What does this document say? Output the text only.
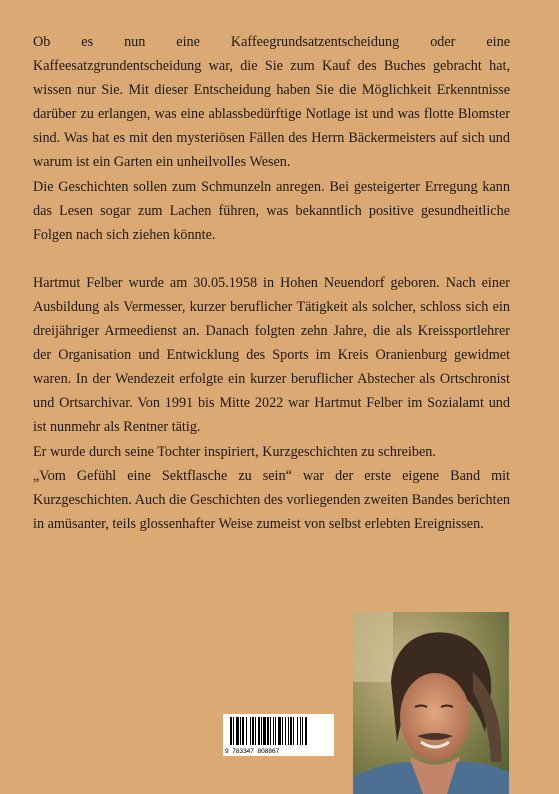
Ob es nun eine Kaffeegrundsatzentscheidung oder eine Kaffeesatzgrundentscheidung war, die Sie zum Kauf des Buches gebracht hat, wissen nur Sie. Mit dieser Entscheidung haben Sie die Möglichkeit Erkenntnisse darüber zu erlangen, was eine ablassbedürftige Notlage ist und was flotte Blomster sind. Was hat es mit den mysteriösen Fällen des Herrn Bäckermeisters auf sich und warum ist ein Garten ein unheilvolles Wesen.

Die Geschichten sollen zum Schmunzeln anregen. Bei gesteigerter Erregung kann das Lesen sogar zum Lachen führen, was bekanntlich positive gesundheitliche Folgen nach sich ziehen könnte.

Hartmut Felber wurde am 30.05.1958 in Hohen Neuendorf geboren. Nach einer Ausbildung als Vermesser, kurzer beruflicher Tätigkeit als solcher, schloss sich ein dreijähriger Armeedienst an. Danach folgten zehn Jahre, die als Kreissportlehrer der Organisation und Entwicklung des Sports im Kreis Oranienburg gewidmet waren. In der Wendezeit erfolgte ein kurzer beruflicher Abstecher als Ortschronist und Ortsarchivar. Von 1991 bis Mitte 2022 war Hartmut Felber im Sozialamt und ist nunmehr als Rentner tätig.

Er wurde durch seine Tochter inspiriert, Kurzgeschichten zu schreiben.

„Vom Gefühl eine Sektflasche zu sein“ war der erste eigene Band mit Kurzgeschichten. Auch die Geschichten des vorliegenden zweiten Bandes berichten in amüsanter, teils glossenhafter Weise zumeist von selbst erlebten Ereignissen.

9  783347  808867
